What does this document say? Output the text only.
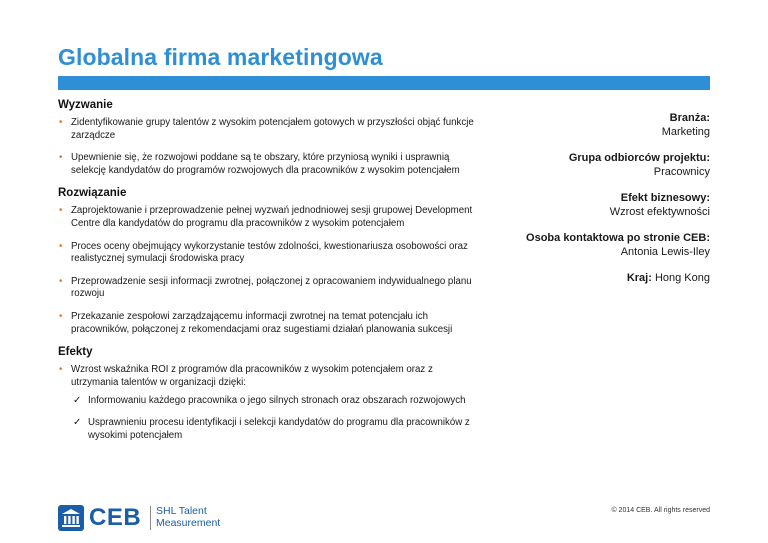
Globalna firma marketingowa
Wyzwanie
• Zidentyfikowanie grupy talentów z wysokim potencjałem gotowych w przyszłości objąć funkcje zarządcze
• Upewnienie się, że rozwojowi poddane są te obszary, które przyniosą wyniki i usprawnią selekcję kandydatów do programów rozwojowych dla pracowników z wysokim potencjałem
Rozwiązanie
• Zaprojektowanie i przeprowadzenie pełnej wyzwań jednodniowej sesji grupowej Development Centre dla kandydatów do programu dla pracowników z wysokim potencjałem
• Proces oceny obejmujący wykorzystanie testów zdolności, kwestionariusza osobowości oraz realistycznej symulacji środowiska pracy
• Przeprowadzenie sesji informacji zwrotnej, połączonej z opracowaniem indywidualnego planu rozwoju
• Przekazanie zespołowi zarządzającemu informacji zwrotnej na temat potencjału ich pracowników, połączonej z rekomendacjami oraz sugestiami działań planowania sukcesji
Efekty
• Wzrost wskaźnika ROI z programów dla pracowników z wysokim potencjałem oraz z utrzymania talentów w organizacji dzięki:
✓ Informowaniu każdego pracownika o jego silnych stronach oraz obszarach rozwojowych
✓ Usprawnieniu procesu identyfikacji i selekcji kandydatów do programu dla pracowników z wysokimi potencjałem
Branża:
Marketing
Grupa odbiorców projektu:
Pracownicy
Efekt biznesowy:
Wzrost efektywności
Osoba kontaktowa po stronie CEB:
Antonia Lewis-Iley
Kraj: Hong Kong
CEB SHL Talent
Measurement
© 2014 CEB. All rights reserved
